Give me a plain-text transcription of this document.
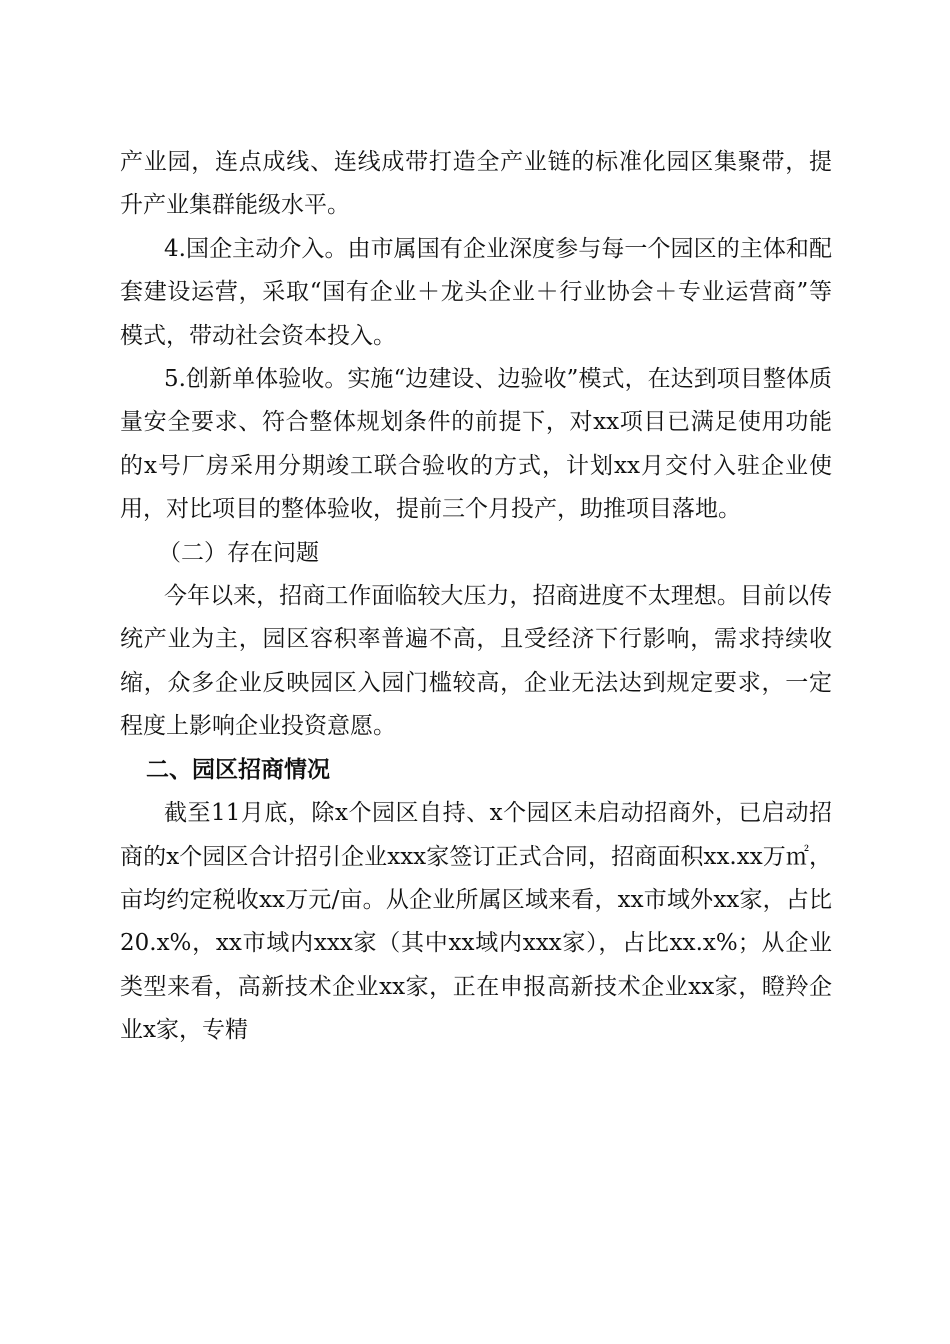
产业园，连点成线、连线成带打造全产业链的标准化园区集聚带，提升产业集群能级水平。

4.国企主动介入。由市属国有企业深度参与每一个园区的主体和配套建设运营，采取“国有企业＋龙头企业＋行业协会＋专业运营商”等模式，带动社会资本投入。

5.创新单体验收。实施“边建设、边验收”模式，在达到项目整体质量安全要求、符合整体规划条件的前提下，对xx项目已满足使用功能的x号厂房采用分期竣工联合验收的方式，计划xx月交付入驻企业使用，对比项目的整体验收，提前三个月投产，助推项目落地。

（二）存在问题

今年以来，招商工作面临较大压力，招商进度不太理想。目前以传统产业为主，园区容积率普遍不高，且受经济下行影响，需求持续收缩，众多企业反映园区入园门槛较高，企业无法达到规定要求，一定程度上影响企业投资意愿。

二、园区招商情况

截至11月底，除x个园区自持、x个园区未启动招商外，已启动招商的x个园区合计招引企业xxx家签订正式合同，招商面积xx.xx万㎡，亩均约定税收xx万元/亩。从企业所属区域来看，xx市域外xx家，占比20.x%，xx市域内xxx家（其中xx域内xxx家），占比xx.x%；从企业类型来看，高新技术企业xx家，正在申报高新技术企业xx家，瞪羚企业x家，专精
